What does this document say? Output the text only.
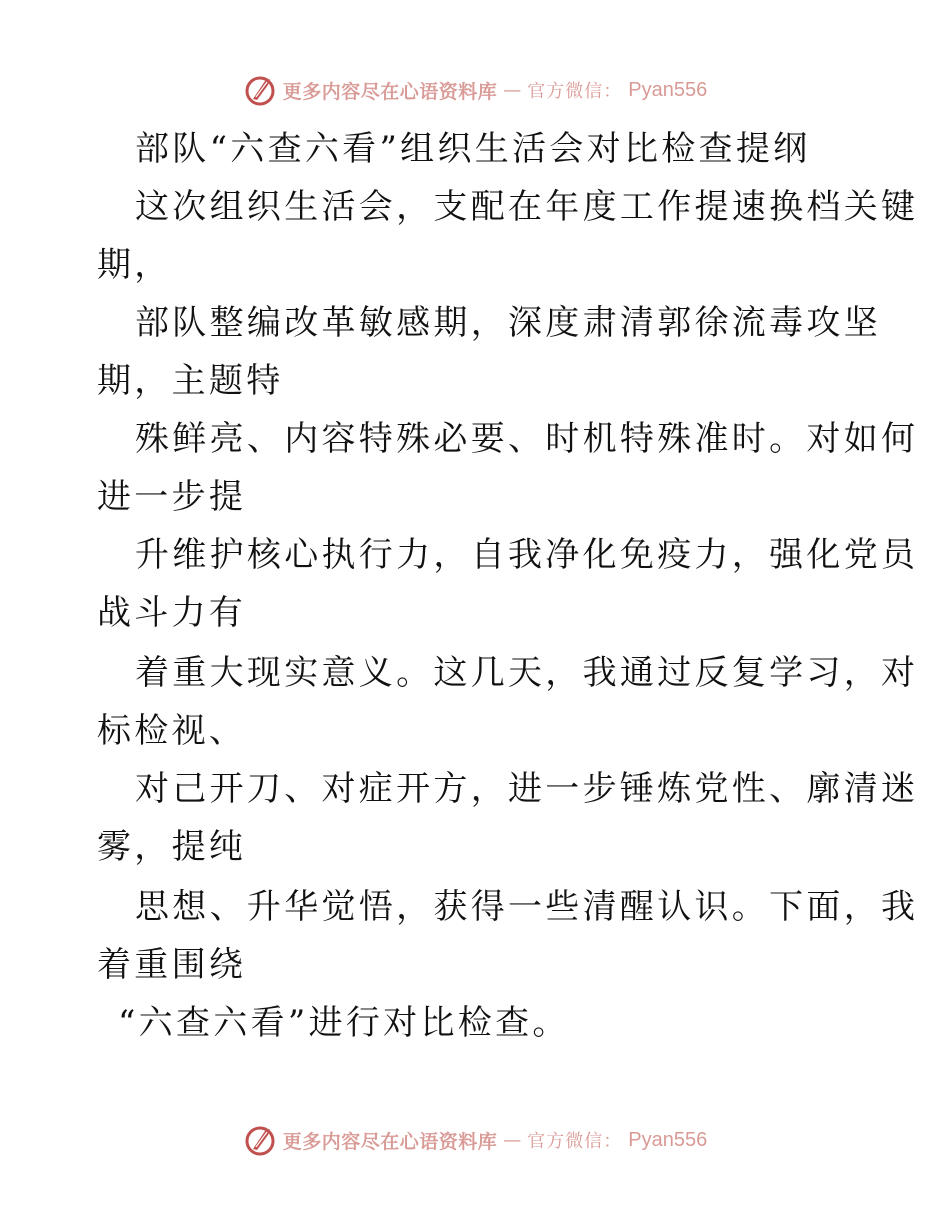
更多内容尽在心语资料库 — 官方微信： Pyan556
部队“六查六看”组织生活会对比检查提纲
这次组织生活会，支配在年度工作提速换档关键
期，
部队整编改革敏感期，深度肃清郭徐流毒攻坚
期，主题特
殊鲜亮、内容特殊必要、时机特殊准时。对如何
进一步提
升维护核心执行力，自我净化免疫力，强化党员
战斗力有
着重大现实意义。这几天，我通过反复学习，对
标检视、
对己开刀、对症开方，进一步锤炼党性、廓清迷
雾，提纯
思想、升华觉悟，获得一些清醒认识。下面，我
着重围绕
“六查六看”进行对比检查。
更多内容尽在心语资料库 — 官方微信： Pyan556
